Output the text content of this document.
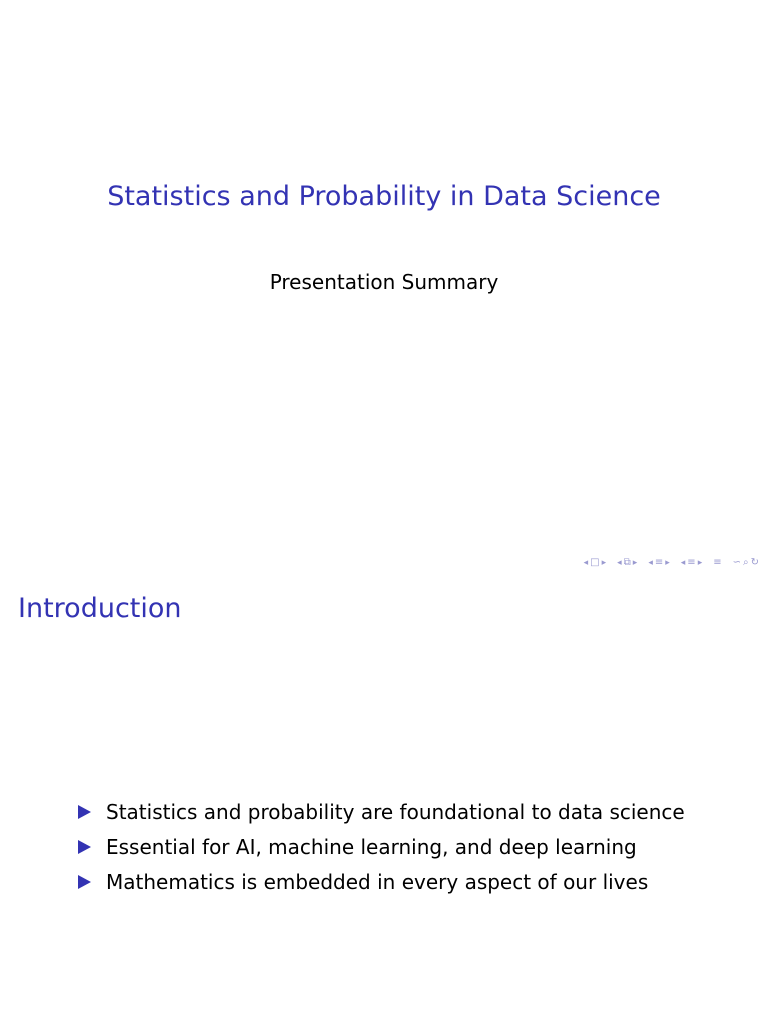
Statistics and Probability in Data Science
Presentation Summary
◂ □ ▸ ◂ ⧉ ▸ ◂ ≡ ▸ ◂ ≡ ▸ ≡ ∽ ⌕ ↻
Introduction
Statistics and probability are foundational to data science
Essential for AI, machine learning, and deep learning
Mathematics is embedded in every aspect of our lives
